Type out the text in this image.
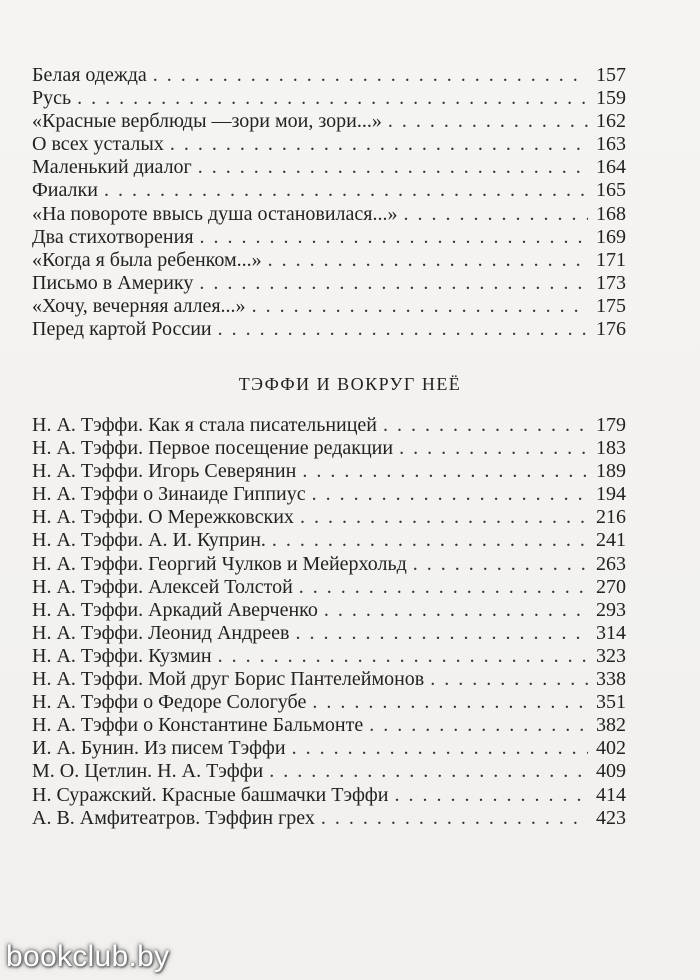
Белая одежда . . .	157
Русь . . .	159
«Красные верблюды —зори мои, зори...» . . .	162
О всех усталых . . .	163
Маленький диалог . . .	164
Фиалки . . .	165
«На повороте ввысь душа остановилася...» . . .	168
Два стихотворения . . .	169
«Когда я была ребенком...» . . .	171
Письмо в Америку . . .	173
«Хочу, вечерняя аллея...» . . .	175
Перед картой России . . .	176
ТЭФФИ И ВОКРУГ НЕЁ
Н. А. Тэффи. Как я стала писательницей . . .	179
Н. А. Тэффи. Первое посещение редакции . . .	183
Н. А. Тэффи. Игорь Северянин . . .	189
Н. А. Тэффи о Зинаиде Гиппиус . . .	194
Н. А. Тэффи. О Мережковских . . .	216
Н. А. Тэффи. А. И. Куприн. . . .	241
Н. А. Тэффи. Георгий Чулков и Мейерхольд . . .	263
Н. А. Тэффи. Алексей Толстой . . .	270
Н. А. Тэффи. Аркадий Аверченко . . .	293
Н. А. Тэффи. Леонид Андреев . . .	314
Н. А. Тэффи. Кузмин . . .	323
Н. А. Тэффи. Мой друг Борис Пантелеймонов . . .	338
Н. А. Тэффи о Федоре Сологубе . . .	351
Н. А. Тэффи о Константине Бальмонте . . .	382
И. А. Бунин. Из писем Тэффи . . .	402
М. О. Цетлин. Н. А. Тэффи . . .	409
Н. Суражский. Красные башмачки Тэффи . . .	414
А. В. Амфитеатров. Тэффин грех . . .	423
bookclub.by
